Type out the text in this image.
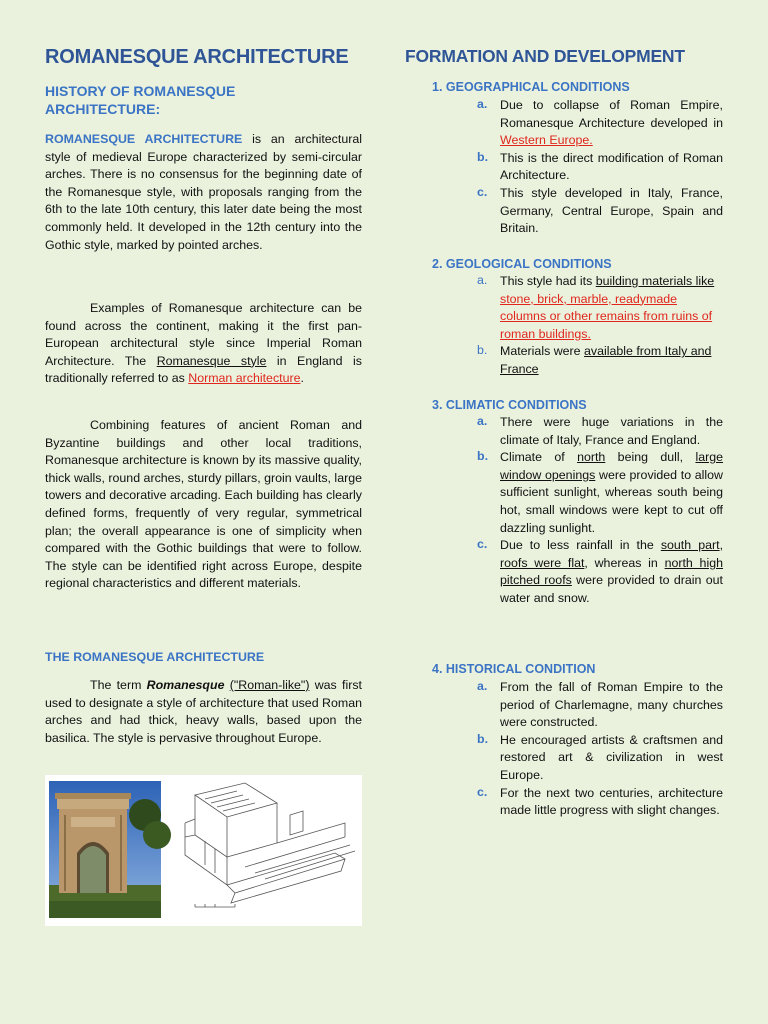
ROMANESQUE ARCHITECTURE
HISTORY OF ROMANESQUE ARCHITECTURE:

ROMANESQUE ARCHITECTURE is an architectural style of medieval Europe characterized by semi-circular arches. There is no consensus for the beginning date of the Romanesque style, with proposals ranging from the 6th to the late 10th century, this later date being the most commonly held. It developed in the 12th century into the Gothic style, marked by pointed arches.

Examples of Romanesque architecture can be found across the continent, making it the first pan-European architectural style since Imperial Roman Architecture. The Romanesque style in England is traditionally referred to as Norman architecture.

Combining features of ancient Roman and Byzantine buildings and other local traditions, Romanesque architecture is known by its massive quality, thick walls, round arches, sturdy pillars, groin vaults, large towers and decorative arcading. Each building has clearly defined forms, frequently of very regular, symmetrical plan; the overall appearance is one of simplicity when compared with the Gothic buildings that were to follow. The style can be identified right across Europe, despite regional characteristics and different materials.

THE ROMANESQUE ARCHITECTURE

The term Romanesque ("Roman-like") was first used to designate a style of architecture that used Roman arches and had thick, heavy walls, based upon the basilica. The style is pervasive throughout Europe.

FORMATION AND DEVELOPMENT
1. GEOGRAPHICAL CONDITIONS
a. Due to collapse of Roman Empire, Romanesque Architecture developed in Western Europe.

b. This is the direct modification of Roman Architecture.

c. This style developed in Italy, France, Germany, Central Europe, Spain and Britain.

2. GEOLOGICAL CONDITIONS
a. This style had its building materials like stone, brick, marble, readymade columns or other remains from ruins of roman buildings.

b. Materials were available from Italy and France

3. CLIMATIC CONDITIONS
a. There were huge variations in the climate of Italy, France and England.

b. Climate of north being dull, large window openings were provided to allow sufficient sunlight, whereas south being hot, small windows were kept to cut off dazzling sunlight.

c. Due to less rainfall in the south part, roofs were flat, whereas in north high pitched roofs were provided to drain out water and snow.

4. HISTORICAL CONDITION
a. From the fall of Roman Empire to the period of Charlemagne, many churches were constructed.

b. He encouraged artists & craftsmen and restored art & civilization in west Europe.

c. For the next two centuries, architecture made little progress with slight changes.
